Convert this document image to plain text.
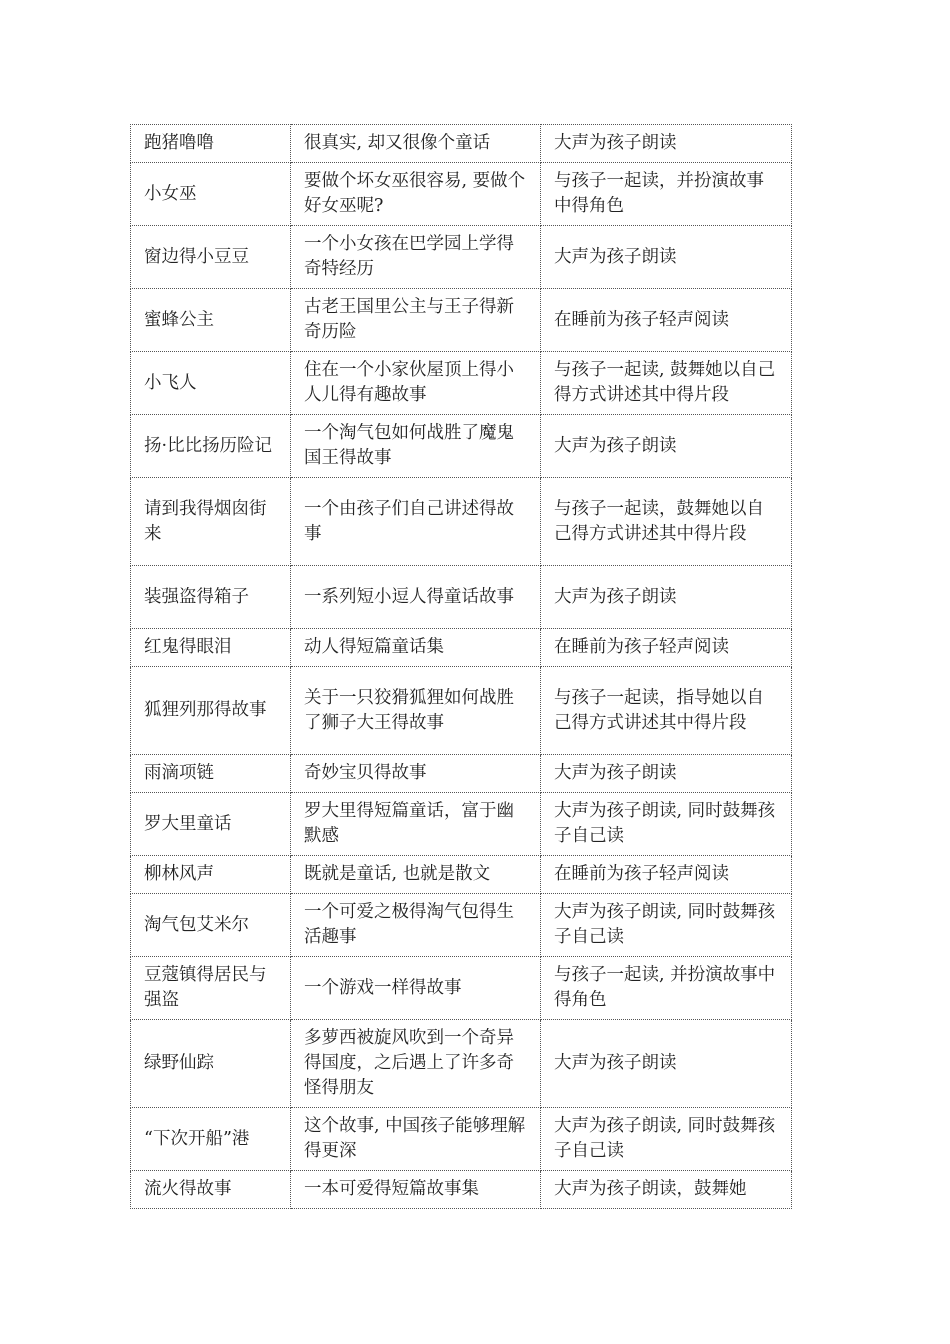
跑猪噜噜	很真实, 却又很像个童话	大声为孩子朗读
小女巫	要做个坏女巫很容易, 要做个好女巫呢?	与孩子一起读，并扮演故事中得角色
窗边得小豆豆	一个小女孩在巴学园上学得奇特经历	大声为孩子朗读
蜜蜂公主	古老王国里公主与王子得新奇历险	在睡前为孩子轻声阅读
小飞人	住在一个小家伙屋顶上得小人儿得有趣故事	与孩子一起读, 鼓舞她以自己得方式讲述其中得片段
扬·比比扬历险记	一个淘气包如何战胜了魔鬼国王得故事	大声为孩子朗读
请到我得烟囱街来	一个由孩子们自己讲述得故事	与孩子一起读，鼓舞她以自己得方式讲述其中得片段
装强盗得箱子	一系列短小逗人得童话故事	大声为孩子朗读
红鬼得眼泪	动人得短篇童话集	在睡前为孩子轻声阅读
狐狸列那得故事	关于一只狡猾狐狸如何战胜了狮子大王得故事	与孩子一起读，指导她以自己得方式讲述其中得片段
雨滴项链	奇妙宝贝得故事	大声为孩子朗读
罗大里童话	罗大里得短篇童话，富于幽默感	大声为孩子朗读, 同时鼓舞孩子自己读
柳林风声	既就是童话, 也就是散文	在睡前为孩子轻声阅读
淘气包艾米尔	一个可爱之极得淘气包得生活趣事	大声为孩子朗读, 同时鼓舞孩子自己读
豆蔻镇得居民与强盗	一个游戏一样得故事	与孩子一起读, 并扮演故事中得角色
绿野仙踪	多萝西被旋风吹到一个奇异得国度，之后遇上了许多奇怪得朋友	大声为孩子朗读
“下次开船”港	这个故事, 中国孩子能够理解得更深	大声为孩子朗读, 同时鼓舞孩子自己读
流火得故事	一本可爱得短篇故事集	大声为孩子朗读，鼓舞她
